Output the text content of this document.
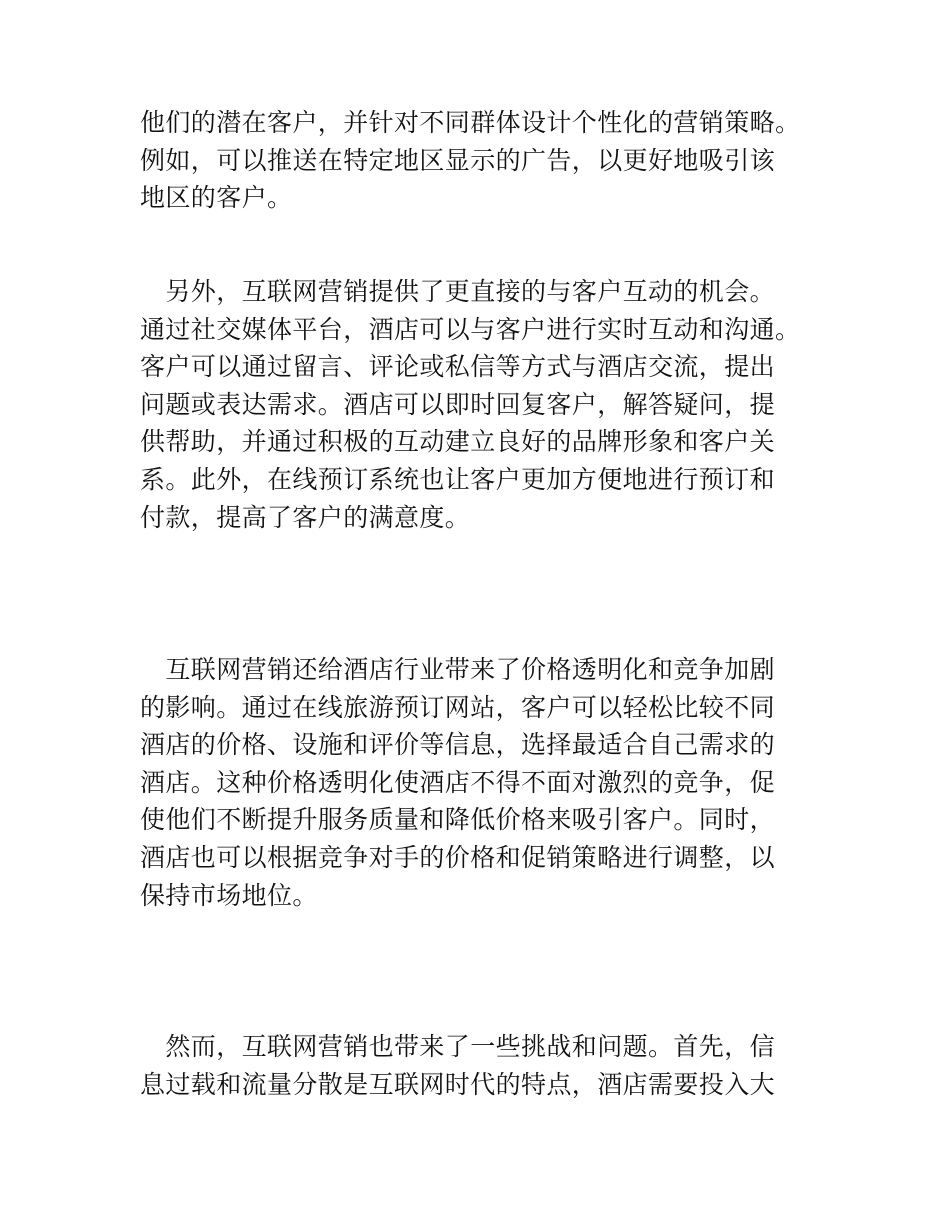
他们的潜在客户，并针对不同群体设计个性化的营销策略。
例如，可以推送在特定地区显示的广告，以更好地吸引该
地区的客户。
　另外，互联网营销提供了更直接的与客户互动的机会。
通过社交媒体平台，酒店可以与客户进行实时互动和沟通。
客户可以通过留言、评论或私信等方式与酒店交流，提出
问题或表达需求。酒店可以即时回复客户，解答疑问，提
供帮助，并通过积极的互动建立良好的品牌形象和客户关
系。此外，在线预订系统也让客户更加方便地进行预订和
付款，提高了客户的满意度。
　互联网营销还给酒店行业带来了价格透明化和竞争加剧
的影响。通过在线旅游预订网站，客户可以轻松比较不同
酒店的价格、设施和评价等信息，选择最适合自己需求的
酒店。这种价格透明化使酒店不得不面对激烈的竞争，促
使他们不断提升服务质量和降低价格来吸引客户。同时，
酒店也可以根据竞争对手的价格和促销策略进行调整，以
保持市场地位。
　然而，互联网营销也带来了一些挑战和问题。首先，信
息过载和流量分散是互联网时代的特点，酒店需要投入大
